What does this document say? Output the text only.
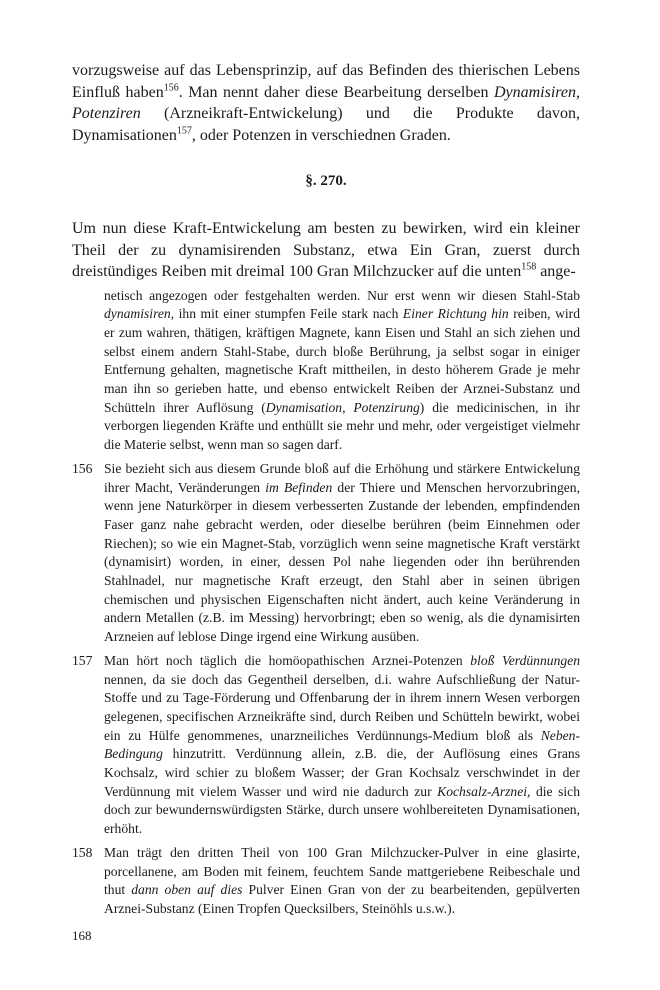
vorzugsweise auf das Lebensprinzip, auf das Befinden des thierischen Lebens Einfluß haben$^{156}$. Man nennt daher diese Bearbeitung derselben Dynamisiren, Potenziren (Arzneikraft-Entwickelung) und die Produkte davon, Dynamisationen$^{157}$, oder Potenzen in verschiednen Graden.

§. 270.

Um nun diese Kraft-Entwickelung am besten zu bewirken, wird ein kleiner Theil der zu dynamisirenden Substanz, etwa Ein Gran, zuerst durch dreistündiges Reiben mit dreimal 100 Gran Milchzucker auf die unten$^{158}$ ange-

netisch angezogen oder festgehalten werden. Nur erst wenn wir diesen Stahl-Stab dynamisiren, ihn mit einer stumpfen Feile stark nach Einer Richtung hin reiben, wird er zum wahren, thätigen, kräftigen Magnete, kann Eisen und Stahl an sich ziehen und selbst einem andern Stahl-Stabe, durch bloße Berührung, ja selbst sogar in einiger Entfernung gehalten, magnetische Kraft mittheilen, in desto höherem Grade je mehr man ihn so gerieben hatte, und ebenso entwickelt Reiben der Arznei-Substanz und Schütteln ihrer Auflösung (Dynamisation, Potenzirung) die medicinischen, in ihr verborgen liegenden Kräfte und enthüllt sie mehr und mehr, oder vergeistiget vielmehr die Materie selbst, wenn man so sagen darf.

156 Sie bezieht sich aus diesem Grunde bloß auf die Erhöhung und stärkere Entwickelung ihrer Macht, Veränderungen im Befinden der Thiere und Menschen hervorzubringen, wenn jene Naturkörper in diesem verbesserten Zustande der lebenden, empfindenden Faser ganz nahe gebracht werden, oder dieselbe berühren (beim Einnehmen oder Riechen); so wie ein Magnet-Stab, vorzüglich wenn seine magnetische Kraft verstärkt (dynamisirt) worden, in einer, dessen Pol nahe liegenden oder ihn berührenden Stahlnadel, nur magnetische Kraft erzeugt, den Stahl aber in seinen übrigen chemischen und physischen Eigenschaften nicht ändert, auch keine Veränderung in andern Metallen (z.B. im Messing) hervorbringt; eben so wenig, als die dynamisirten Arzneien auf leblose Dinge irgend eine Wirkung ausüben.

157 Man hört noch täglich die homöopathischen Arznei-Potenzen bloß Verdünnungen nennen, da sie doch das Gegentheil derselben, d.i. wahre Aufschließung der Natur-Stoffe und zu Tage-Förderung und Offenbarung der in ihrem innern Wesen verborgen gelegenen, specifischen Arzneikräfte sind, durch Reiben und Schütteln bewirkt, wobei ein zu Hülfe genommenes, unarzneiliches Verdünnungs-Medium bloß als Neben-Bedingung hinzutritt. Verdünnung allein, z.B. die, der Auflösung eines Grans Kochsalz, wird schier zu bloßem Wasser; der Gran Kochsalz verschwindet in der Verdünnung mit vielem Wasser und wird nie dadurch zur Kochsalz-Arznei, die sich doch zur bewundernswürdigsten Stärke, durch unsere wohlbereiteten Dynamisationen, erhöht.

158 Man trägt den dritten Theil von 100 Gran Milchzucker-Pulver in eine glasirte, porcellanene, am Boden mit feinem, feuchtem Sande mattgeriebene Reibeschale und thut dann oben auf dies Pulver Einen Gran von der zu bearbeitenden, gepülverten Arznei-Substanz (Einen Tropfen Quecksilbers, Steinöhls u.s.w.).

168
